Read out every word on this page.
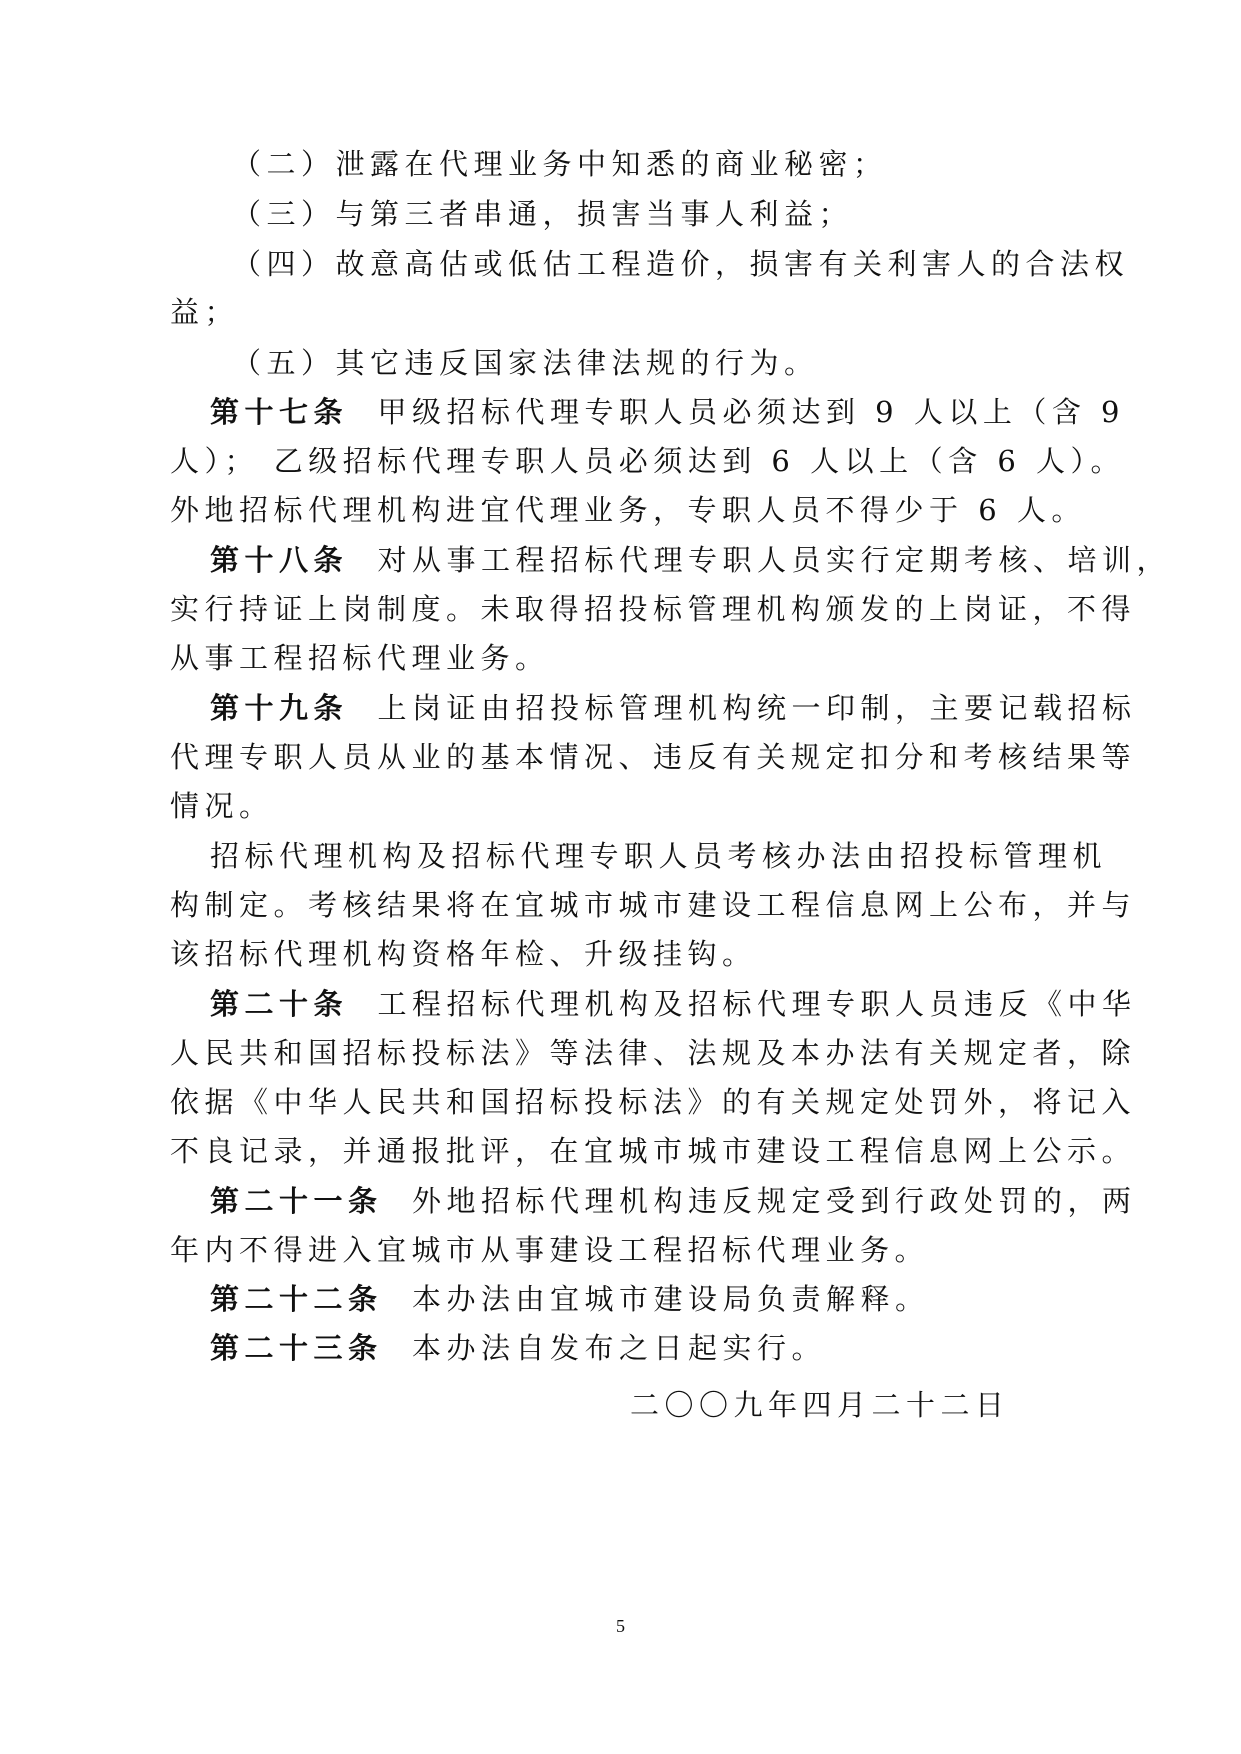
（二）泄露在代理业务中知悉的商业秘密；
（三）与第三者串通，损害当事人利益；
（四）故意高估或低估工程造价，损害有关利害人的合法权
益；
（五）其它违反国家法律法规的行为。
第十七条  甲级招标代理专职人员必须达到 9 人以上（含 9
人）； 乙级招标代理专职人员必须达到 6 人以上（含 6 人）。
外地招标代理机构进宜代理业务，专职人员不得少于 6 人。
第十八条  对从事工程招标代理专职人员实行定期考核、培训，
实行持证上岗制度。未取得招投标管理机构颁发的上岗证，不得
从事工程招标代理业务。
第十九条  上岗证由招投标管理机构统一印制，主要记载招标
代理专职人员从业的基本情况、违反有关规定扣分和考核结果等
情况。
招标代理机构及招标代理专职人员考核办法由招投标管理机
构制定。考核结果将在宜城市城市建设工程信息网上公布，并与
该招标代理机构资格年检、升级挂钩。
第二十条  工程招标代理机构及招标代理专职人员违反《中华
人民共和国招标投标法》等法律、法规及本办法有关规定者，除
依据《中华人民共和国招标投标法》的有关规定处罚外，将记入
不良记录，并通报批评，在宜城市城市建设工程信息网上公示。
第二十一条  外地招标代理机构违反规定受到行政处罚的，两
年内不得进入宜城市从事建设工程招标代理业务。
第二十二条  本办法由宜城市建设局负责解释。
第二十三条  本办法自发布之日起实行。
二〇〇九年四月二十二日
5
